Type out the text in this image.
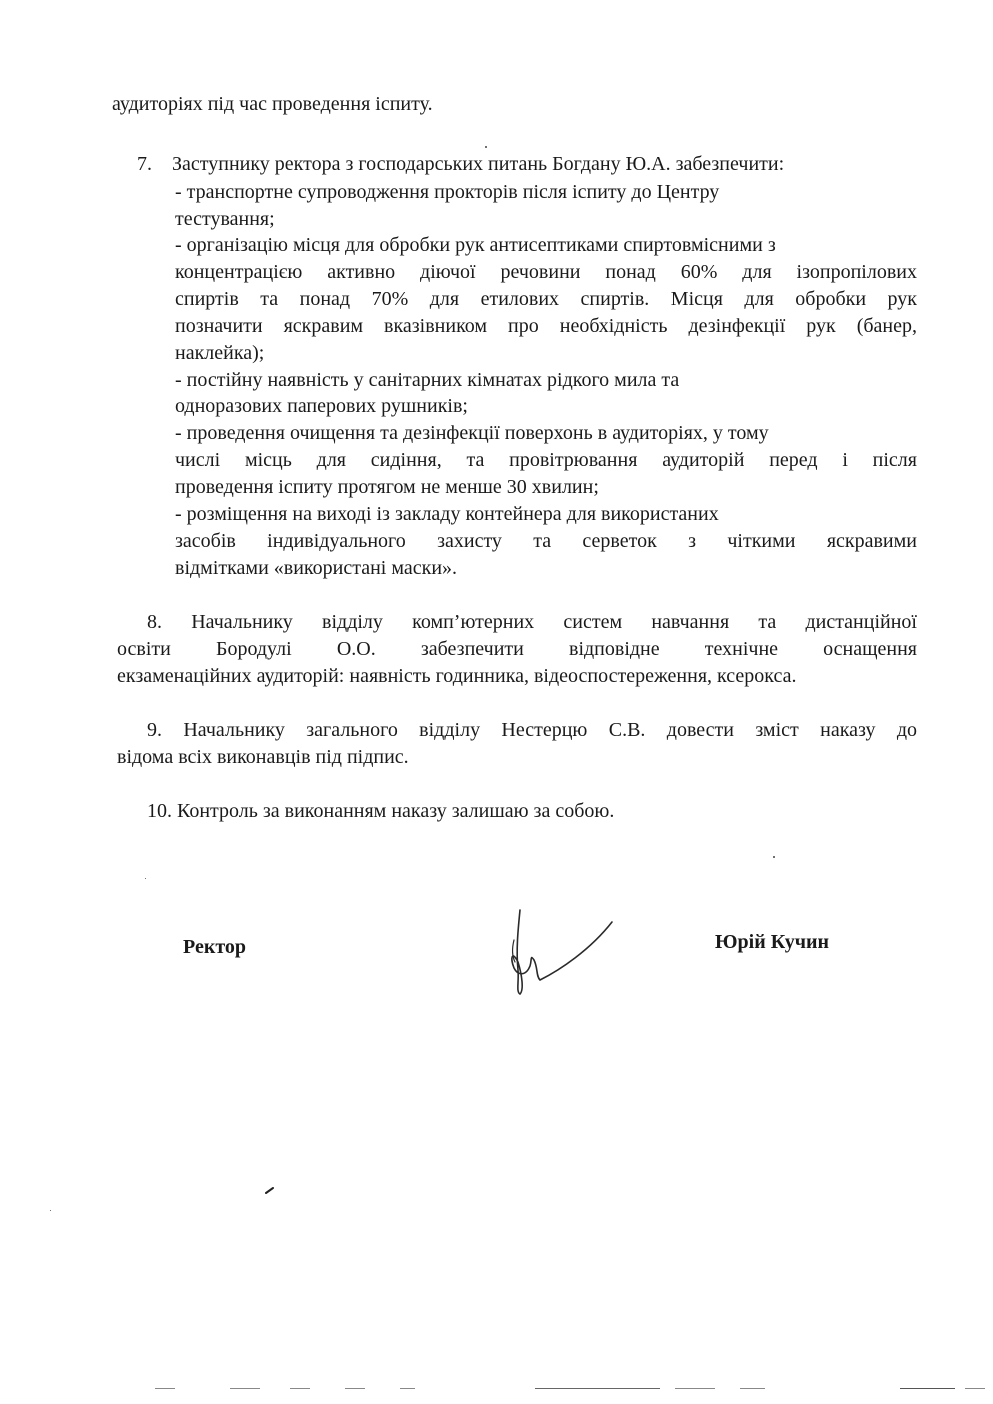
аудиторіях під час проведення іспиту.
7. Заступнику ректора з господарських питань Богдану Ю.А. забезпечити:
- транспортне супроводження прокторів після іспиту до Центру
тестування;
- організацію місця для обробки рук антисептиками спиртовмісними з
концентрацією активно діючої речовини понад 60% для ізопропілових
спиртів та понад 70% для етилових спиртів. Місця для обробки рук
позначити яскравим вказівником про необхідність дезінфекції рук (банер,
наклейка);
- постійну наявність у санітарних кімнатах рідкого мила та
одноразових паперових рушників;
- проведення очищення та дезінфекції поверхонь в аудиторіях, у тому
числі місць для сидіння, та провітрювання аудиторій перед і після
проведення іспиту протягом не менше 30 хвилин;
- розміщення на виході із закладу контейнера для використаних
засобів індивідуального захисту та серветок з чіткими яскравими
відмітками «використані маски».
8. Начальнику відділу комп’ютерних систем навчання та дистанційної
освіти Бородулі О.О. забезпечити відповідне технічне оснащення
екзаменаційних аудиторій: наявність годинника, відеоспостереження, ксерокса.
9. Начальнику загального відділу Нестерцю С.В. довести зміст наказу до
відома всіх виконавців під підпис.
10. Контроль за виконанням наказу залишаю за собою.
Ректор	Юрій Кучин
